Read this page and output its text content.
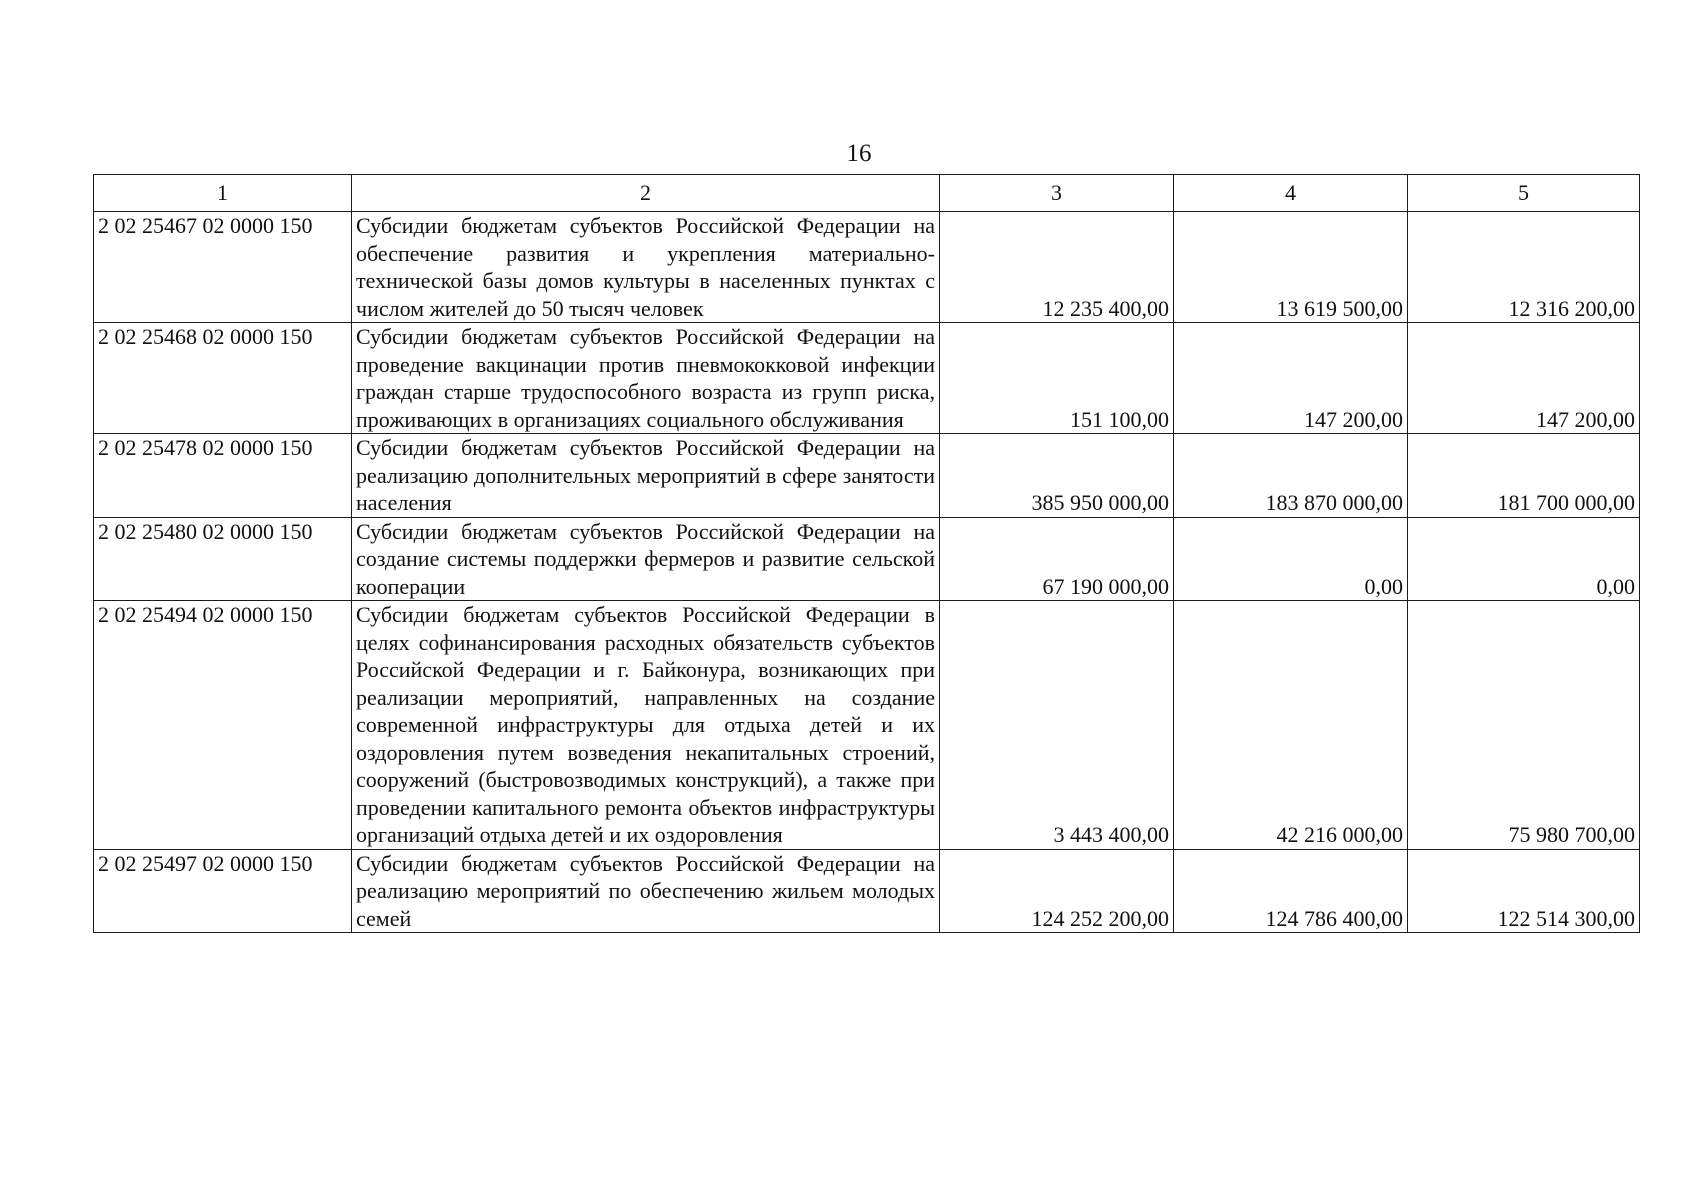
16
1	2	3	4	5
2 02 25467 02 0000 150	Субсидии бюджетам субъектов Российской Федерации на обеспечение развития и укрепления материально-технической базы домов культуры в населенных пунктах с числом жителей до 50 тысяч человек	12 235 400,00	13 619 500,00	12 316 200,00
2 02 25468 02 0000 150	Субсидии бюджетам субъектов Российской Федерации на проведение вакцинации против пневмококковой инфекции граждан старше трудоспособного возраста из групп риска, проживающих в организациях социального обслуживания	151 100,00	147 200,00	147 200,00
2 02 25478 02 0000 150	Субсидии бюджетам субъектов Российской Федерации на реализацию дополнительных мероприятий в сфере занятости населения	385 950 000,00	183 870 000,00	181 700 000,00
2 02 25480 02 0000 150	Субсидии бюджетам субъектов Российской Федерации на создание системы поддержки фермеров и развитие сельской кооперации	67 190 000,00	0,00	0,00
2 02 25494 02 0000 150	Субсидии бюджетам субъектов Российской Федерации в целях софинансирования расходных обязательств субъектов Российской Федерации и г. Байконура, возникающих при реализации мероприятий, направленных на создание современной инфраструктуры для отдыха детей и их оздоровления путем возведения некапитальных строений, сооружений (быстровозводимых конструкций), а также при проведении капитального ремонта объектов инфраструктуры организаций отдыха детей и их оздоровления	3 443 400,00	42 216 000,00	75 980 700,00
2 02 25497 02 0000 150	Субсидии бюджетам субъектов Российской Федерации на реализацию мероприятий по обеспечению жильем молодых семей	124 252 200,00	124 786 400,00	122 514 300,00
